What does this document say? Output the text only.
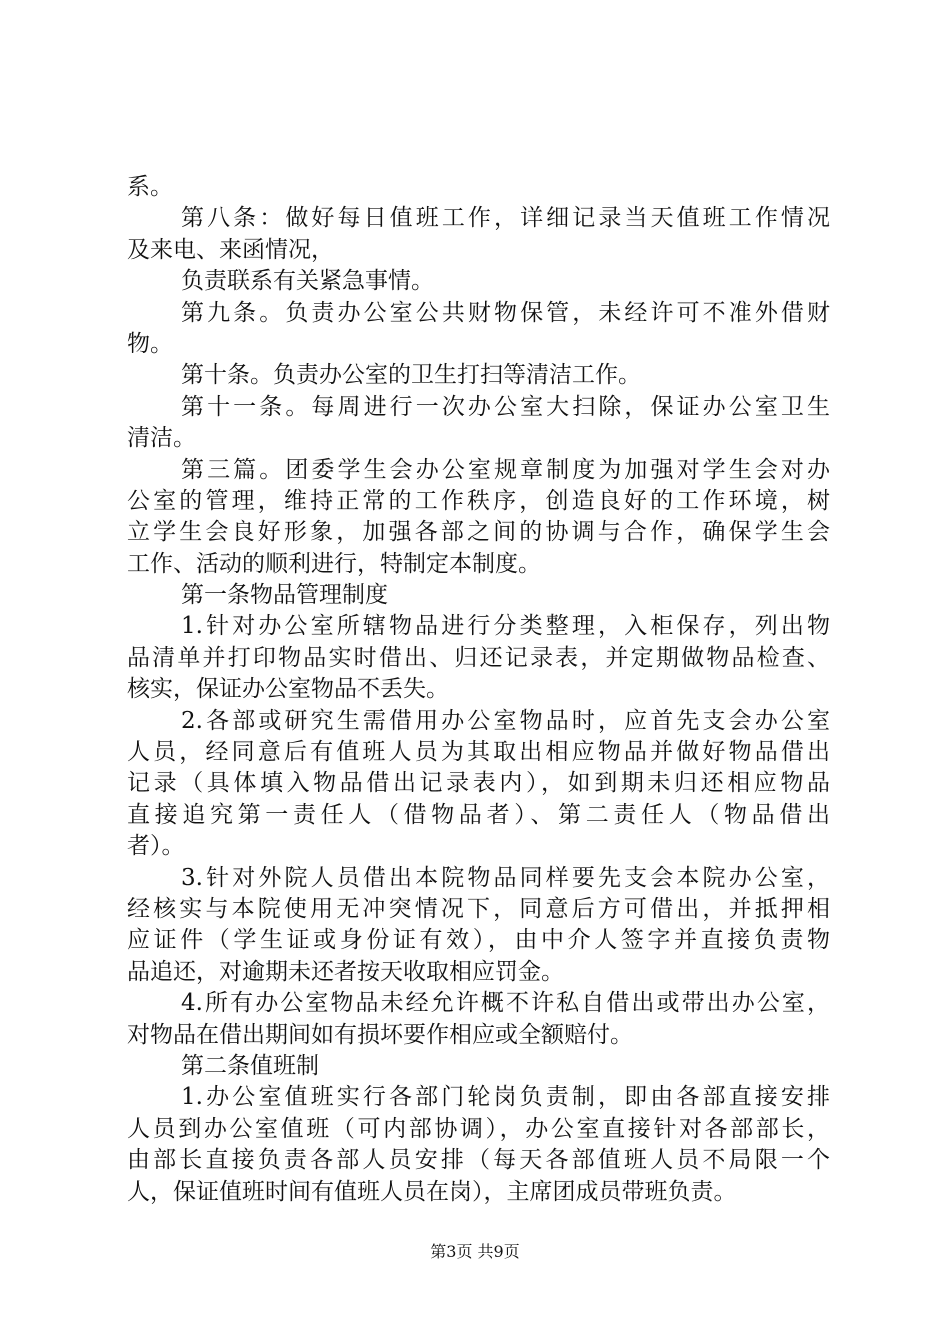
系。
第八条：做好每日值班工作，详细记录当天值班工作情况
及来电、来函情况，
负责联系有关紧急事情。
第九条。负责办公室公共财物保管，未经许可不准外借财
物。
第十条。负责办公室的卫生打扫等清洁工作。
第十一条。每周进行一次办公室大扫除，保证办公室卫生
清洁。
第三篇。团委学生会办公室规章制度为加强对学生会对办
公室的管理，维持正常的工作秩序，创造良好的工作环境，树
立学生会良好形象，加强各部之间的协调与合作，确保学生会
工作、活动的顺利进行，特制定本制度。
第一条物品管理制度
1.针对办公室所辖物品进行分类整理，入柜保存，列出物
品清单并打印物品实时借出、归还记录表，并定期做物品检查、
核实，保证办公室物品不丢失。
2.各部或研究生需借用办公室物品时，应首先支会办公室
人员，经同意后有值班人员为其取出相应物品并做好物品借出
记录（具体填入物品借出记录表内），如到期未归还相应物品
直接追究第一责任人（借物品者）、第二责任人（物品借出
者）。
3.针对外院人员借出本院物品同样要先支会本院办公室，
经核实与本院使用无冲突情况下，同意后方可借出，并抵押相
应证件（学生证或身份证有效），由中介人签字并直接负责物
品追还，对逾期未还者按天收取相应罚金。
4.所有办公室物品未经允许概不许私自借出或带出办公室，
对物品在借出期间如有损坏要作相应或全额赔付。
第二条值班制
1.办公室值班实行各部门轮岗负责制，即由各部直接安排
人员到办公室值班（可内部协调），办公室直接针对各部部长，
由部长直接负责各部人员安排（每天各部值班人员不局限一个
人，保证值班时间有值班人员在岗），主席团成员带班负责。
第3页 共9页
